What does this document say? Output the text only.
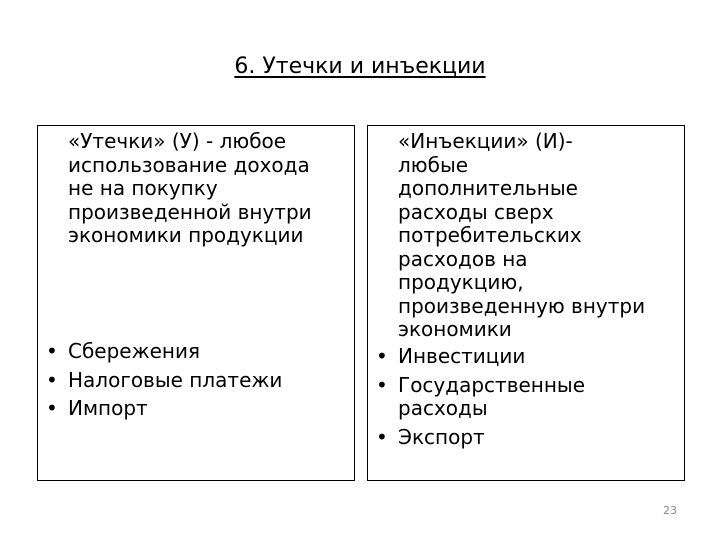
6. Утечки и инъекции
«Утечки» (У) - любое
использование дохода
не на покупку
произведенной внутри
экономики продукции
• Сбережения
• Налоговые платежи
• Импорт
«Инъекции» (И)-
любые
дополнительные
расходы сверх
потребительских
расходов на
продукцию,
произведенную внутри
экономики
• Инвестиции
• Государственные
расходы
• Экспорт
23
